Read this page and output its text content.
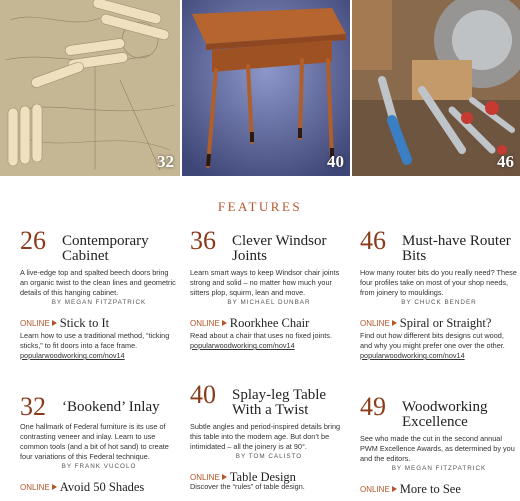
32	40	46
FEATURES
26 Contemporary Cabinet
A live-edge top and spalted beech doors bring an organic twist to the clean lines and geometric details of this hanging cabinet.
BY MEGAN FITZPATRICK
ONLINE Stick to It
Learn how to use a traditional method, “ticking sticks,” to fit doors into a face frame.
popularwoodworking.com/nov14
36 Clever Windsor Joints
Learn smart ways to keep Windsor chair joints strong and solid – no matter how much your sitters plop, squirm, lean and move.
BY MICHAEL DUNBAR
ONLINE Roorkhee Chair
Read about a chair that uses no fixed joints.
popularwoodworking.com/nov14
46 Must-have Router Bits
How many router bits do you really need? These four profiles take on most of your shop needs, from joinery to mouldings.
BY CHUCK BENDER
ONLINE Spiral or Straight?
Find out how different bits designs cut wood, and why you might prefer one over the other.
popularwoodworking.com/nov14
32 ‘Bookend’ Inlay
One hallmark of Federal furniture is its use of contrasting veneer and inlay. Learn to use common tools (and a bit of hot sand) to create four variations of this Federal technique.
BY FRANK VUCOLO
ONLINE Avoid 50 Shades
40 Splay-leg Table With a Twist
Subtle angles and period-inspired details bring this table into the modern age. But don’t be intimidated – all the joinery is at 90°.
BY TOM CALISTO
ONLINE Table Design
Discover the “rules” of table design.
49 Woodworking Excellence
See who made the cut in the second annual PWM Excellence Awards, as determined by you and the editors.
BY MEGAN FITZPATRICK
ONLINE More to See
